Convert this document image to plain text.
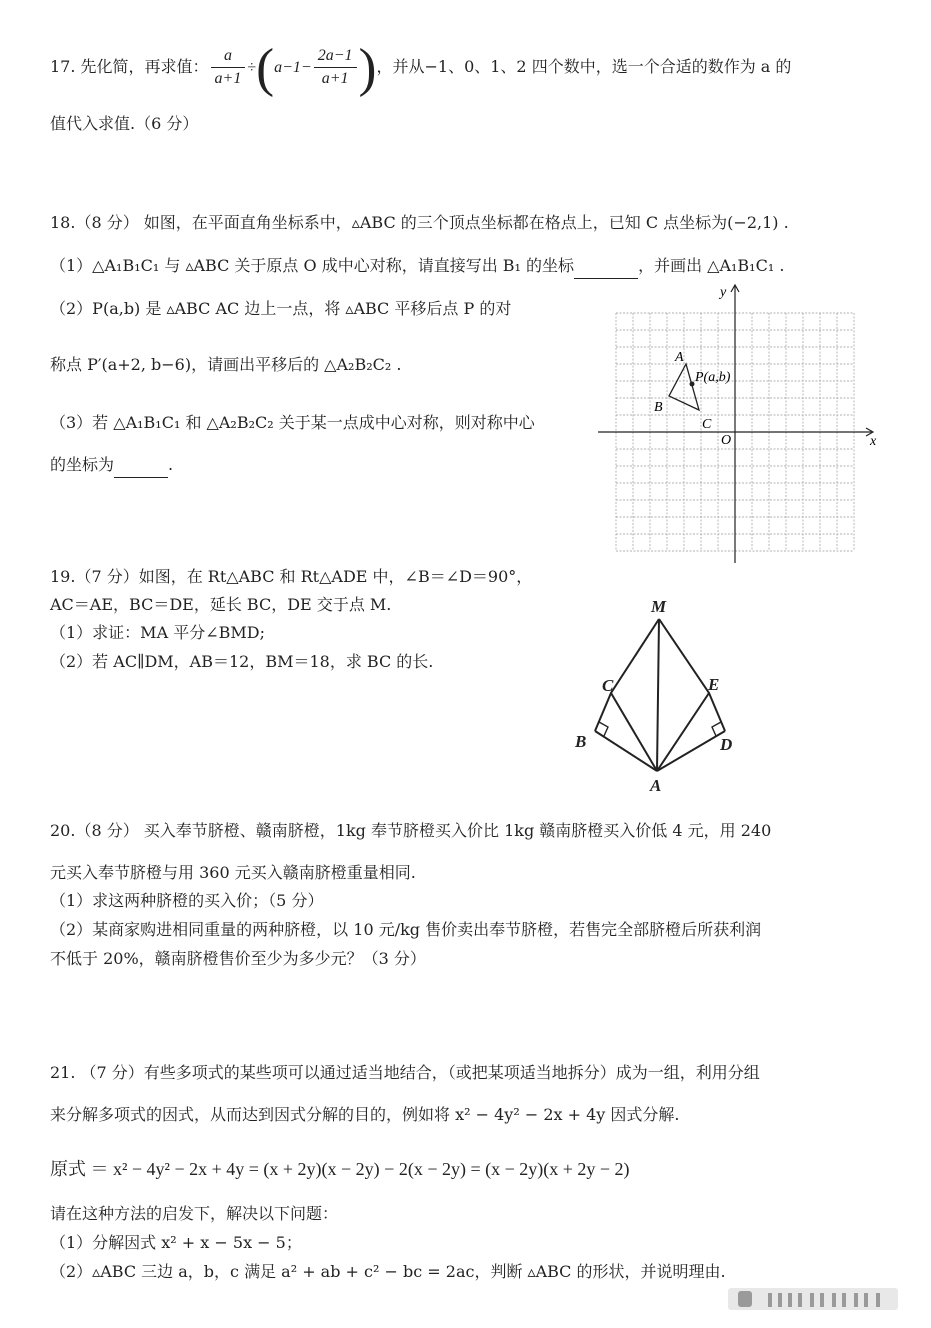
17. 先化简，再求值： $\frac{a}{a+1} \div(a-1- \frac{2a-1}{a+1}$ )，并从−1、0、1、2 四个数中，选一个合适的数作为 a 的
值代入求值.（6 分）
18.（8 分） 如图，在平面直角坐标系中，▵ABC 的三个顶点坐标都在格点上，已知 C 点坐标为(−2,1) .
（1）△A₁B₁C₁ 与 ▵ABC 关于原点 O 成中心对称，请直接写出 B₁ 的坐标	，并画出 △A₁B₁C₁ .
（2）P(a,b) 是 ▵ABC AC 边上一点，将 ▵ABC 平移后点 P 的对
称点 P′(a+2, b−6)，请画出平移后的 △A₂B₂C₂ .
（3）若 △A₁B₁C₁ 和 △A₂B₂C₂ 关于某一点成中心对称，则对称中心
的坐标为	.
y
x
O
A
B
C
P(a,b)
19.（7 分）如图，在 Rt△ABC 和 Rt△ADE 中，∠B＝∠D＝90°，
AC＝AE，BC＝DE，延长 BC，DE 交于点 M.
（1）求证：MA 平分∠BMD;
（2）若 AC∥DM，AB＝12，BM＝18，求 BC 的长.
M
C	E
B	D
A
20.（8 分） 买入奉节脐橙、赣南脐橙，1kg 奉节脐橙买入价比 1kg 赣南脐橙买入价低 4 元，用 240
元买入奉节脐橙与用 360 元买入赣南脐橙重量相同.
（1）求这两种脐橙的买入价；（5 分）
（2）某商家购进相同重量的两种脐橙，以 10 元/kg 售价卖出奉节脐橙，若售完全部脐橙后所获利润
不低于 20%，赣南脐橙售价至少为多少元？（3 分）
21. （7 分）有些多项式的某些项可以通过适当地结合，（或把某项适当地拆分）成为一组，利用分组
来分解多项式的因式，从而达到因式分解的目的，例如将 x² − 4y² − 2x + 4y 因式分解.
原式 ＝ x² − 4y² − 2x + 4y = (x + 2y)(x − 2y) − 2(x − 2y) = (x − 2y)(x + 2y − 2)
请在这种方法的启发下，解决以下问题：
（1）分解因式 x² + x − 5x − 5；
（2）▵ABC 三边 a，b，c 满足 a² + ab + c² − bc = 2ac，判断 ▵ABC 的形状，并说明理由.
